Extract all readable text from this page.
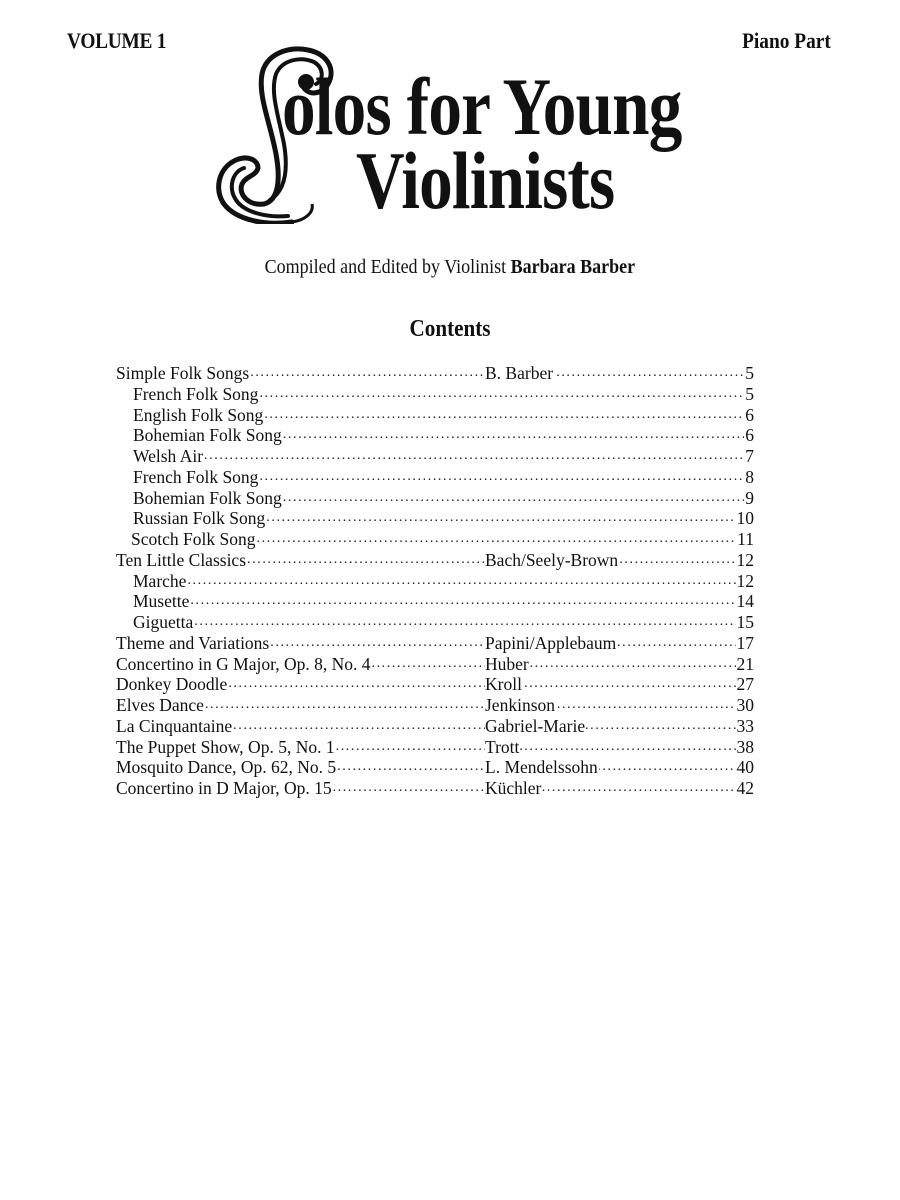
VOLUME 1	Piano Part
olos for Young
Violinists
Compiled and Edited by Violinist Barbara Barber
Contents
Simple Folk Songs .....	B. Barber	5
French Folk Song .....	5
English Folk Song .....	6
Bohemian Folk Song .....	6
Welsh Air .....	7
French Folk Song .....	8
Bohemian Folk Song .....	9
Russian Folk Song .....	10
Scotch Folk Song .....	11
Ten Little Classics .....	Bach/Seely-Brown	12
Marche .....	12
Musette .....	14
Giguetta .....	15
Theme and Variations .....	Papini/Applebaum	17
Concertino in G Major, Op. 8, No. 4 .....	Huber	21
Donkey Doodle .....	Kroll	27
Elves Dance .....	Jenkinson	30
La Cinquantaine .....	Gabriel-Marie	33
The Puppet Show, Op. 5, No. 1 .....	Trott	38
Mosquito Dance, Op. 62, No. 5 .....	L. Mendelssohn	40
Concertino in D Major, Op. 15 .....	Küchler	42
